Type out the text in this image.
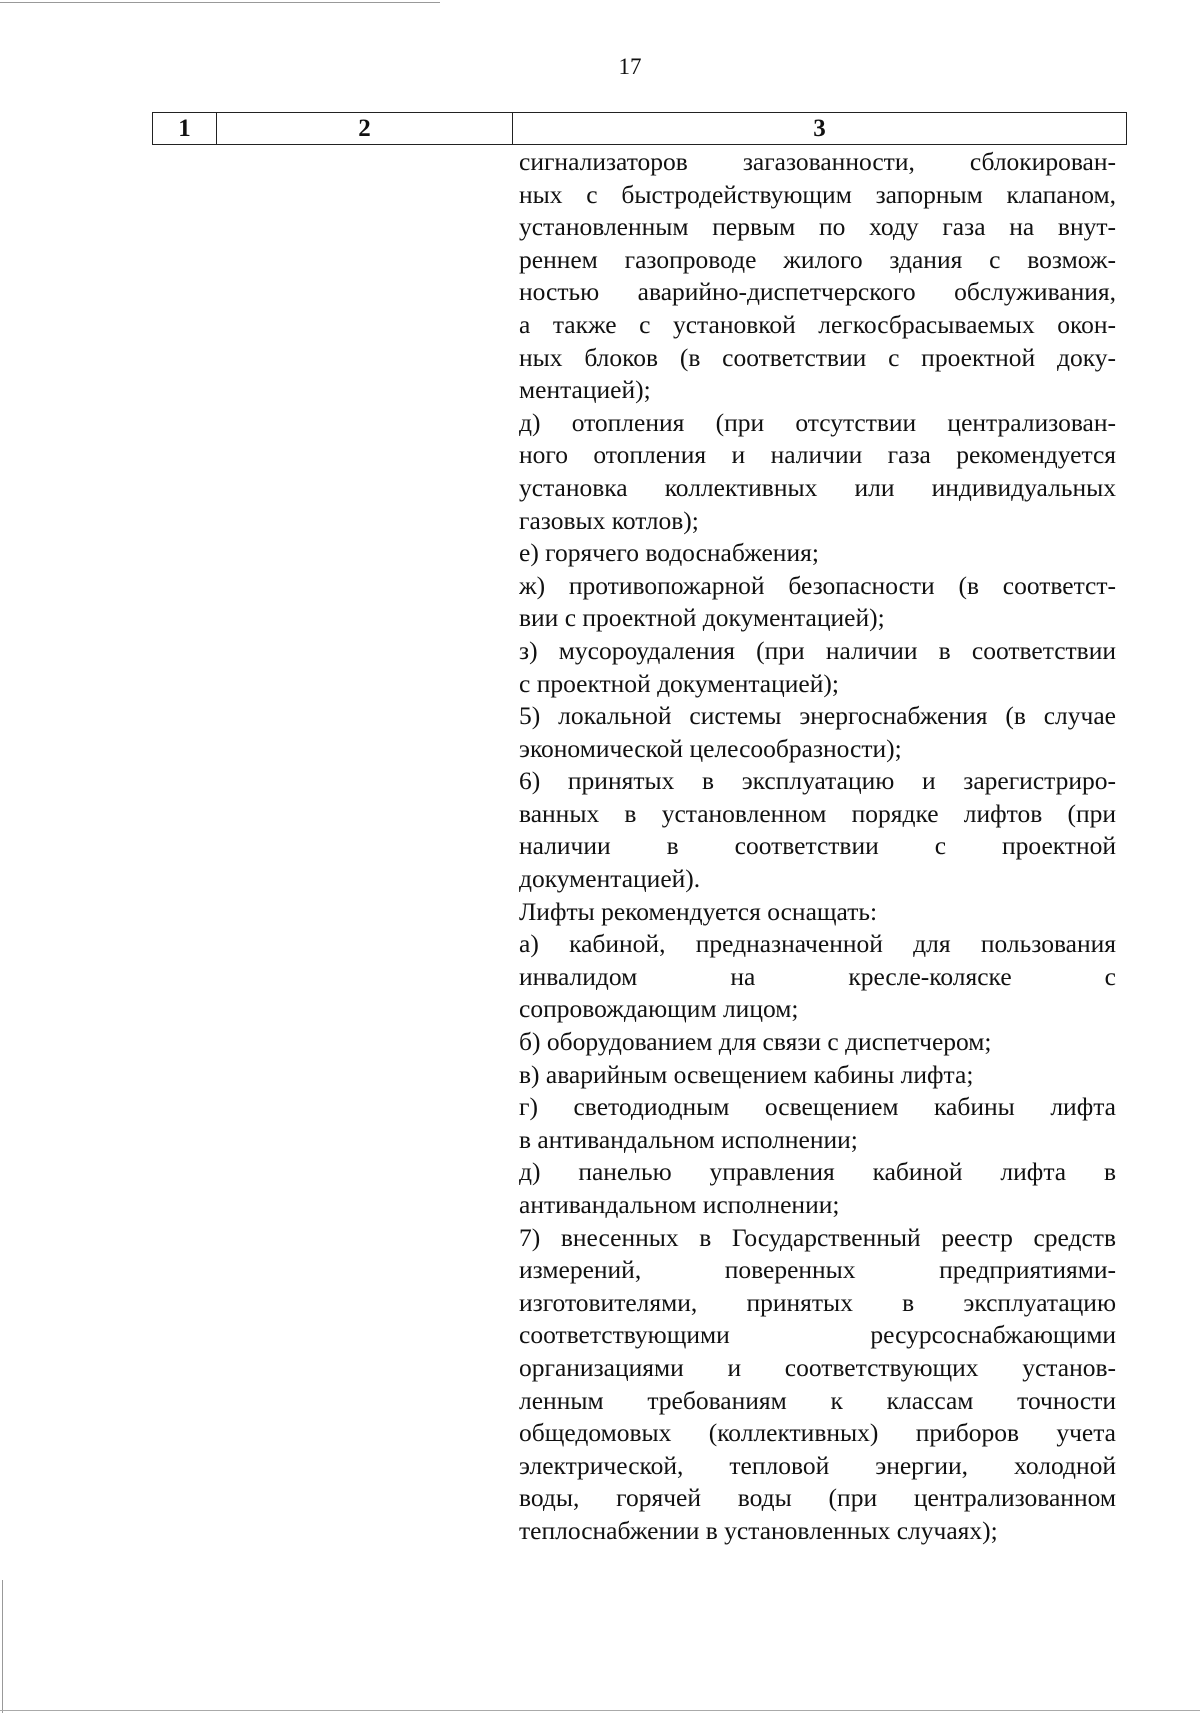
17
1	2	3
сигнализаторов загазованности, сблокирован-
ных с быстродействующим запорным клапаном,
установленным первым по ходу газа на внут-
реннем газопроводе жилого здания с возмож-
ностью аварийно-диспетчерского обслуживания,
а также с установкой легкосбрасываемых окон-
ных блоков (в соответствии с проектной доку-
ментацией);
д) отопления (при отсутствии централизован-
ного отопления и наличии газа рекомендуется
установка коллективных или индивидуальных
газовых котлов);
е) горячего водоснабжения;
ж) противопожарной безопасности (в соответст-
вии с проектной документацией);
з) мусороудаления (при наличии в соответствии
с проектной документацией);
5) локальной системы энергоснабжения (в случае
экономической целесообразности);
6) принятых в эксплуатацию и зарегистриро-
ванных в установленном порядке лифтов (при
наличии в соответствии с проектной
документацией).
Лифты рекомендуется оснащать:
а) кабиной, предназначенной для пользования
инвалидом на кресле-коляске с
сопровождающим лицом;
б) оборудованием для связи с диспетчером;
в) аварийным освещением кабины лифта;
г) светодиодным освещением кабины лифта
в антивандальном исполнении;
д) панелью управления кабиной лифта в
антивандальном исполнении;
7) внесенных в Государственный реестр средств
измерений, поверенных предприятиями-
изготовителями, принятых в эксплуатацию
соответствующими ресурсоснабжающими
организациями и соответствующих установ-
ленным требованиям к классам точности
общедомовых (коллективных) приборов учета
электрической, тепловой энергии, холодной
воды, горячей воды (при централизованном
теплоснабжении в установленных случаях);
